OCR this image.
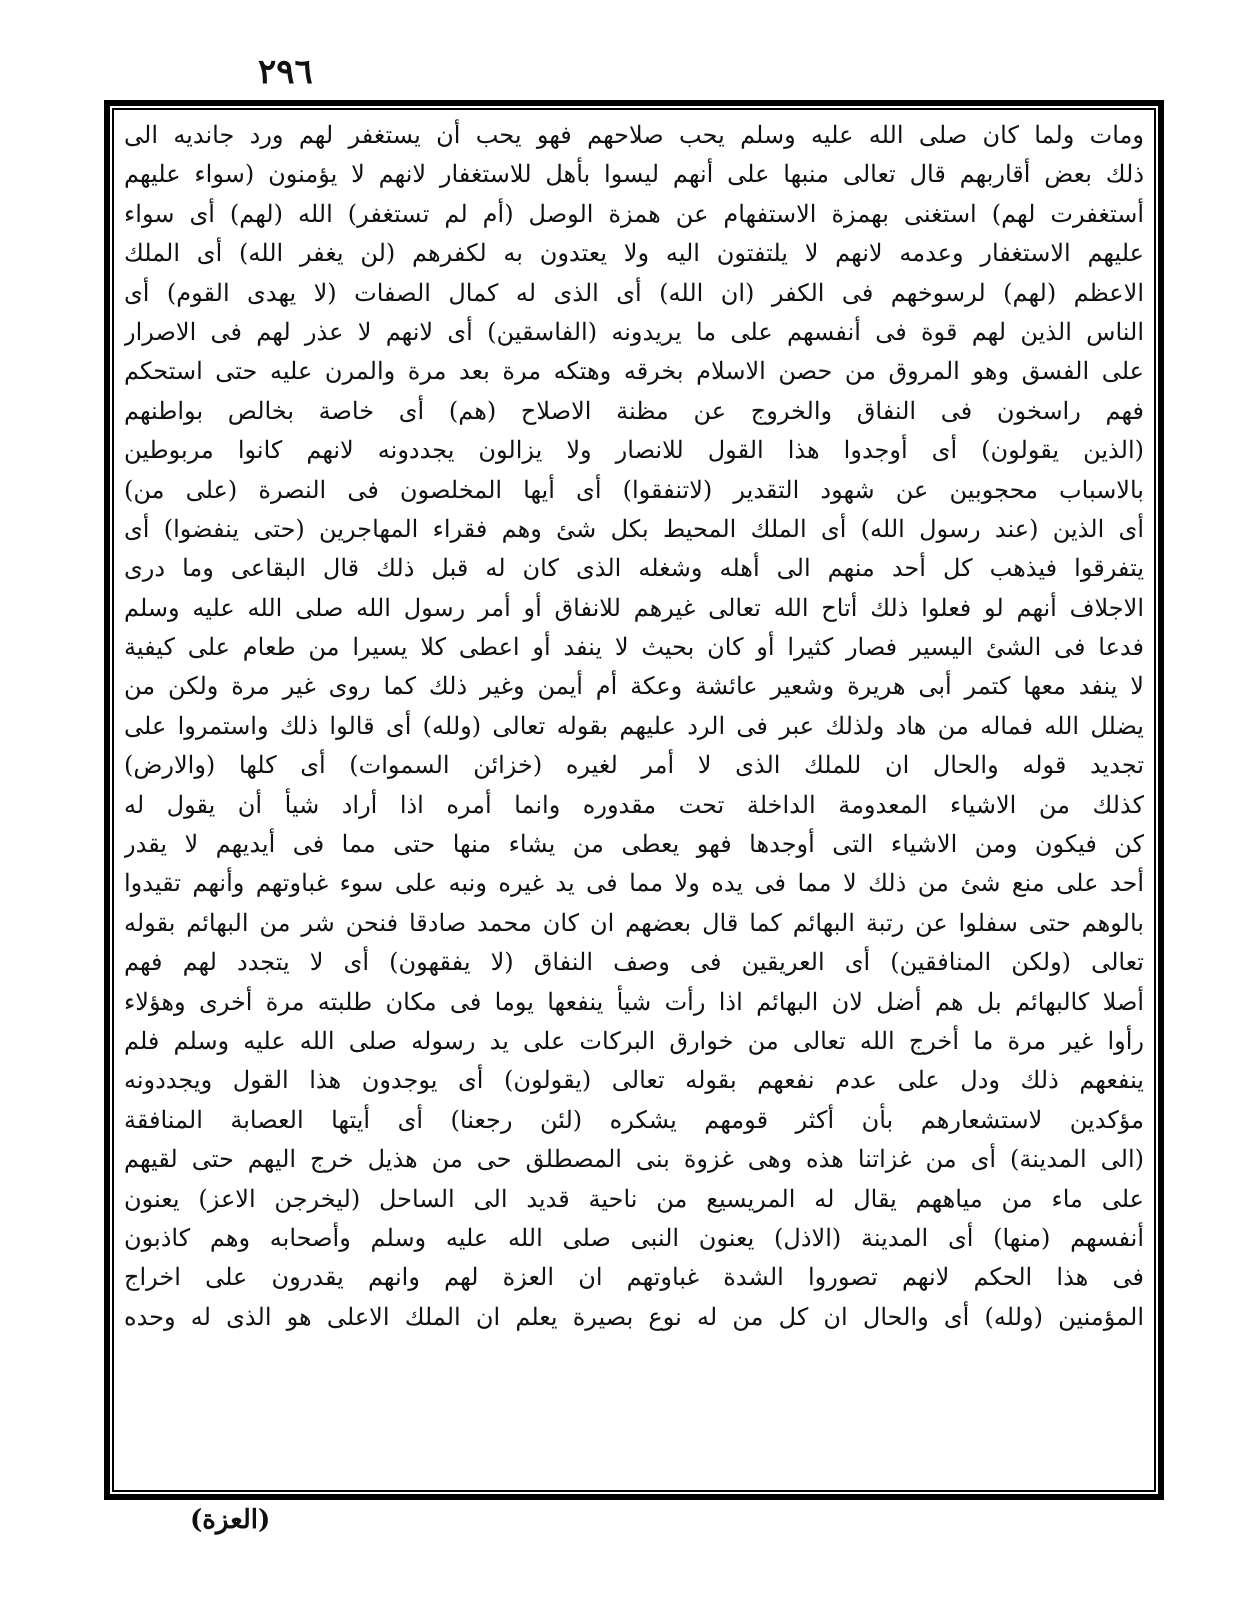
٢٩٦
ومات ولما كان صلى الله عليه وسلم يحب صلاحهم فهو يحب أن يستغفر لهم ورد جانديه الى
ذلك بعض أقاربهم قال تعالى منبها على أنهم ليسوا بأهل للاستغفار لانهم لا يؤمنون (سواء عليهم
أستغفرت لهم) استغنى بهمزة الاستفهام عن همزة الوصل (أم لم تستغفر) الله (لهم) أى سواء
عليهم الاستغفار وعدمه لانهم لا يلتفتون اليه ولا يعتدون به لكفرهم (لن يغفر الله) أى الملك
الاعظم (لهم) لرسوخهم فى الكفر (ان الله) أى الذى له كمال الصفات (لا يهدى القوم) أى
الناس الذين لهم قوة فى أنفسهم على ما يريدونه (الفاسقين) أى لانهم لا عذر لهم فى الاصرار
على الفسق وهو المروق من حصن الاسلام بخرقه وهتكه مرة بعد مرة والمرن عليه حتى استحكم
فهم راسخون فى النفاق والخروج عن مظنة الاصلاح (هم) أى خاصة بخالص بواطنهم
(الذين يقولون) أى أوجدوا هذا القول للانصار ولا يزالون يجددونه لانهم كانوا مربوطين
بالاسباب محجوبين عن شهود التقدير (لاتنفقوا) أى أيها المخلصون فى النصرة (على من)
أى الذين (عند رسول الله) أى الملك المحيط بكل شئ وهم فقراء المهاجرين (حتى ينفضوا) أى
يتفرقوا فيذهب كل أحد منهم الى أهله وشغله الذى كان له قبل ذلك قال البقاعى وما درى
الاجلاف أنهم لو فعلوا ذلك أتاح الله تعالى غيرهم للانفاق أو أمر رسول الله صلى الله عليه وسلم
فدعا فى الشئ اليسير فصار كثيرا أو كان بحيث لا ينفد أو اعطى كلا يسيرا من طعام على كيفية
لا ينفد معها كتمر أبى هريرة وشعير عائشة وعكة أم أيمن وغير ذلك كما روى غير مرة ولكن من
يضلل الله فماله من هاد ولذلك عبر فى الرد عليهم بقوله تعالى (ولله) أى قالوا ذلك واستمروا على
تجديد قوله والحال ان للملك الذى لا أمر لغيره (خزائن السموات) أى كلها (والارض)
كذلك من الاشياء المعدومة الداخلة تحت مقدوره وانما أمره اذا أراد شيأ أن يقول له
كن فيكون ومن الاشياء التى أوجدها فهو يعطى من يشاء منها حتى مما فى أيديهم لا يقدر
أحد على منع شئ من ذلك لا مما فى يده ولا مما فى يد غيره ونبه على سوء غباوتهم وأنهم تقيدوا
بالوهم حتى سفلوا عن رتبة البهائم كما قال بعضهم ان كان محمد صادقا فنحن شر من البهائم بقوله
تعالى (ولكن المنافقين) أى العريقين فى وصف النفاق (لا يفقهون) أى لا يتجدد لهم فهم
أصلا كالبهائم بل هم أضل لان البهائم اذا رأت شيأ ينفعها يوما فى مكان طلبته مرة أخرى وهؤلاء
رأوا غير مرة ما أخرج الله تعالى من خوارق البركات على يد رسوله صلى الله عليه وسلم فلم
ينفعهم ذلك ودل على عدم نفعهم بقوله تعالى (يقولون) أى يوجدون هذا القول ويجددونه
مؤكدين لاستشعارهم بأن أكثر قومهم يشكره (لئن رجعنا) أى أيتها العصابة المنافقة
(الى المدينة) أى من غزاتنا هذه وهى غزوة بنى المصطلق حى من هذيل خرج اليهم حتى لقيهم
على ماء من مياههم يقال له المريسيع من ناحية قديد الى الساحل (ليخرجن الاعز) يعنون
أنفسهم (منها) أى المدينة (الاذل) يعنون النبى صلى الله عليه وسلم وأصحابه وهم كاذبون
فى هذا الحكم لانهم تصوروا الشدة غباوتهم ان العزة لهم وانهم يقدرون على اخراج
المؤمنين (ولله) أى والحال ان كل من له نوع بصيرة يعلم ان الملك الاعلى هو الذى له وحده
(العزة)
